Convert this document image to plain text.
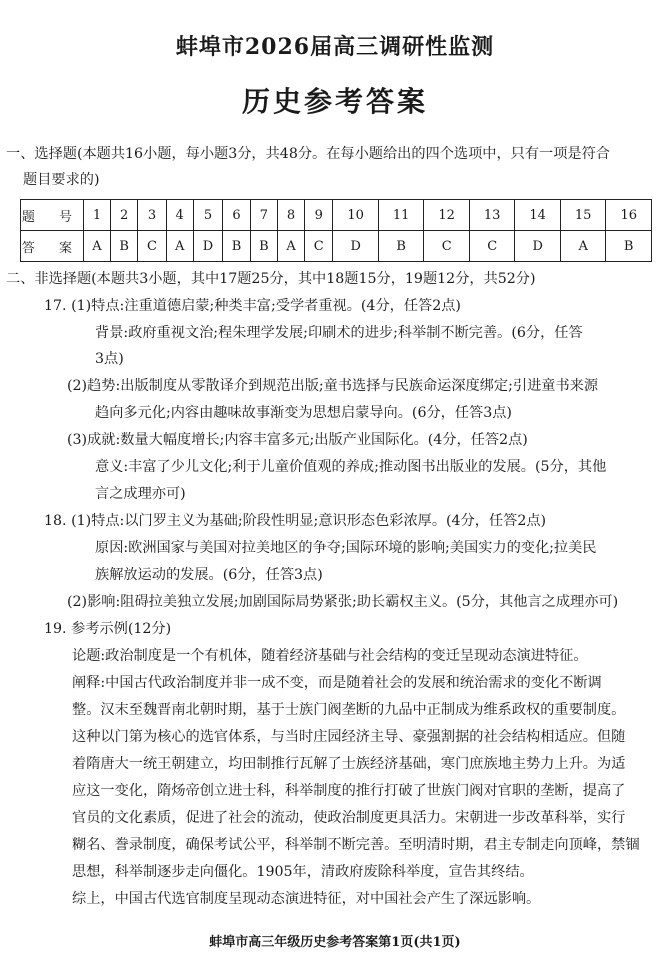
蚌埠市2026届高三调研性监测
历史参考答案
一、选择题(本题共16小题，每小题3分，共48分。在每小题给出的四个选项中，只有一项是符合
题目要求的)
题 号	1	2	3	4	5	6	7	8	9	10	11	12	13	14	15	16
答 案	A	B	C	A	D	B	B	A	C	D	B	C	C	D	A	B
二、非选择题(本题共3小题，其中17题25分，其中18题15分，19题12分，共52分)
17. (1)特点:注重道德启蒙;种类丰富;受学者重视。(4分，任答2点)
背景:政府重视文治;程朱理学发展;印刷术的进步;科举制不断完善。(6分，任答
3点)
(2)趋势:出版制度从零散译介到规范出版;童书选择与民族命运深度绑定;引进童书来源
趋向多元化;内容由趣味故事渐变为思想启蒙导向。(6分，任答3点)
(3)成就:数量大幅度增长;内容丰富多元;出版产业国际化。(4分，任答2点)
意义:丰富了少儿文化;利于儿童价值观的养成;推动图书出版业的发展。(5分，其他
言之成理亦可)
18. (1)特点:以门罗主义为基础;阶段性明显;意识形态色彩浓厚。(4分，任答2点)
原因:欧洲国家与美国对拉美地区的争夺;国际环境的影响;美国实力的变化;拉美民
族解放运动的发展。(6分，任答3点)
(2)影响:阻碍拉美独立发展;加剧国际局势紧张;助长霸权主义。(5分，其他言之成理亦可)
19. 参考示例(12分)
论题:政治制度是一个有机体，随着经济基础与社会结构的变迁呈现动态演进特征。
阐释:中国古代政治制度并非一成不变，而是随着社会的发展和统治需求的变化不断调
整。汉末至魏晋南北朝时期，基于士族门阀垄断的九品中正制成为维系政权的重要制度。
这种以门第为核心的选官体系，与当时庄园经济主导、豪强割据的社会结构相适应。但随
着隋唐大一统王朝建立，均田制推行瓦解了士族经济基础，寒门庶族地主势力上升。为适
应这一变化，隋炀帝创立进士科，科举制度的推行打破了世族门阀对官职的垄断，提高了
官员的文化素质，促进了社会的流动，使政治制度更具活力。宋朝进一步改革科举，实行
糊名、誊录制度，确保考试公平，科举制不断完善。至明清时期，君主专制走向顶峰，禁锢
思想，科举制逐步走向僵化。1905年，清政府废除科举度，宣告其终结。
综上，中国古代选官制度呈现动态演进特征，对中国社会产生了深远影响。
蚌埠市高三年级历史参考答案第1页(共1页)
